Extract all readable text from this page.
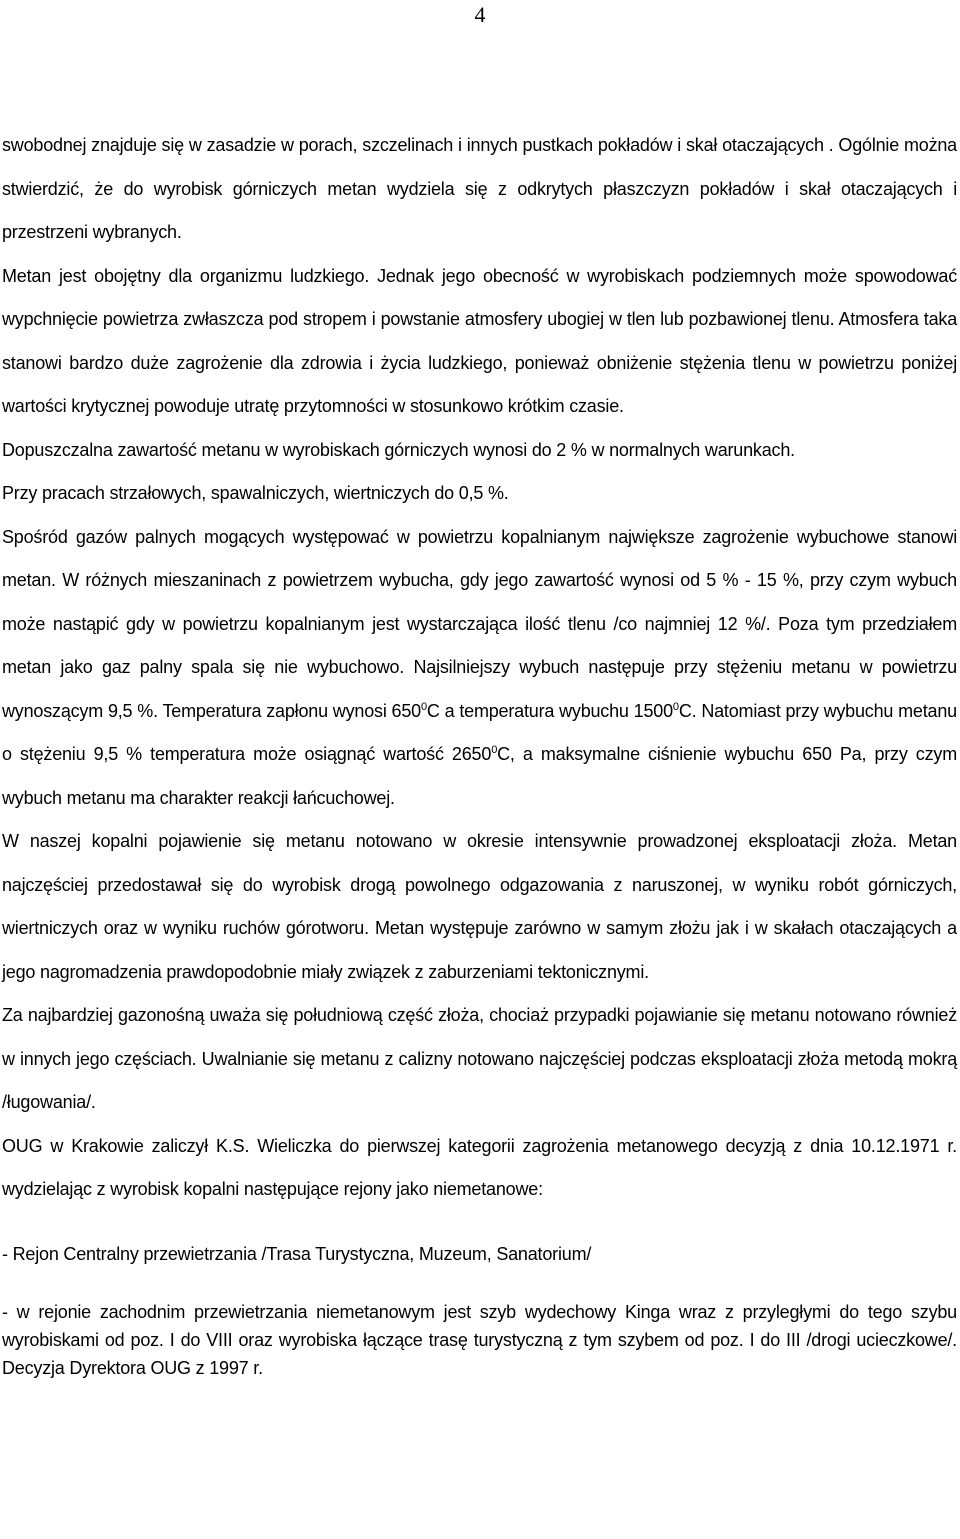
4

swobodnej znajduje się w zasadzie w porach, szczelinach i innych pustkach pokładów i skał otaczających . Ogólnie można stwierdzić, że do wyrobisk górniczych metan wydziela się z odkrytych płaszczyzn pokładów i skał otaczających i przestrzeni wybranych.

Metan jest obojętny dla organizmu ludzkiego. Jednak jego obecność w wyrobiskach podziemnych może spowodować wypchnięcie powietrza zwłaszcza pod stropem i powstanie atmosfery ubogiej w tlen lub pozbawionej tlenu. Atmosfera taka stanowi bardzo duże zagrożenie dla zdrowia i życia ludzkiego, ponieważ obniżenie stężenia tlenu w powietrzu poniżej wartości krytycznej powoduje utratę przytomności w stosunkowo krótkim czasie.

Dopuszczalna zawartość metanu w wyrobiskach górniczych wynosi do 2 % w normalnych warunkach.

Przy pracach strzałowych, spawalniczych, wiertniczych do 0,5 %.

Spośród gazów palnych mogących występować w powietrzu kopalnianym największe zagrożenie wybuchowe stanowi metan. W różnych mieszaninach z powietrzem wybucha, gdy jego zawartość wynosi od 5 % - 15 %, przy czym wybuch może nastąpić gdy w powietrzu kopalnianym jest wystarczająca ilość tlenu /co najmniej 12 %/. Poza tym przedziałem metan jako gaz palny spala się nie wybuchowo. Najsilniejszy wybuch następuje przy stężeniu metanu w powietrzu wynoszącym 9,5 %. Temperatura zapłonu wynosi $650^0C$ a temperatura wybuchu 1500$^0$C. Natomiast przy wybuchu metanu o stężeniu 9,5 % temperatura może osiągnąć wartość 2650$^0$C, a maksymalne ciśnienie wybuchu 650 Pa, przy czym wybuch metanu ma charakter reakcji łańcuchowej.

W naszej kopalni pojawienie się metanu notowano w okresie intensywnie prowadzonej eksploatacji złoża. Metan najczęściej przedostawał się do wyrobisk drogą powolnego odgazowania z naruszonej, w wyniku robót górniczych, wiertniczych oraz w wyniku ruchów górotworu. Metan występuje zarówno w samym złożu jak i w skałach otaczających a jego nagromadzenia prawdopodobnie miały związek z zaburzeniami tektonicznymi.

Za najbardziej gazonośną uważa się południową część złoża, chociaż przypadki pojawianie się metanu notowano również w innych jego częściach. Uwalnianie się metanu z calizny notowano najczęściej podczas eksploatacji złoża metodą mokrą /ługowania/.

OUG w Krakowie zaliczył K.S. Wieliczka do pierwszej kategorii zagrożenia metanowego decyzją z dnia 10.12.1971 r. wydzielając z wyrobisk kopalni następujące rejony jako niemetanowe:

- Rejon Centralny przewietrzania /Trasa Turystyczna, Muzeum, Sanatorium/
- w rejonie zachodnim przewietrzania niemetanowym jest szyb wydechowy Kinga wraz z przyległymi do tego szybu wyrobiskami od poz. I do VIII oraz wyrobiska łączące trasę turystyczną z tym szybem od poz. I do III /drogi ucieczkowe/. Decyzja Dyrektora OUG z 1997 r.
